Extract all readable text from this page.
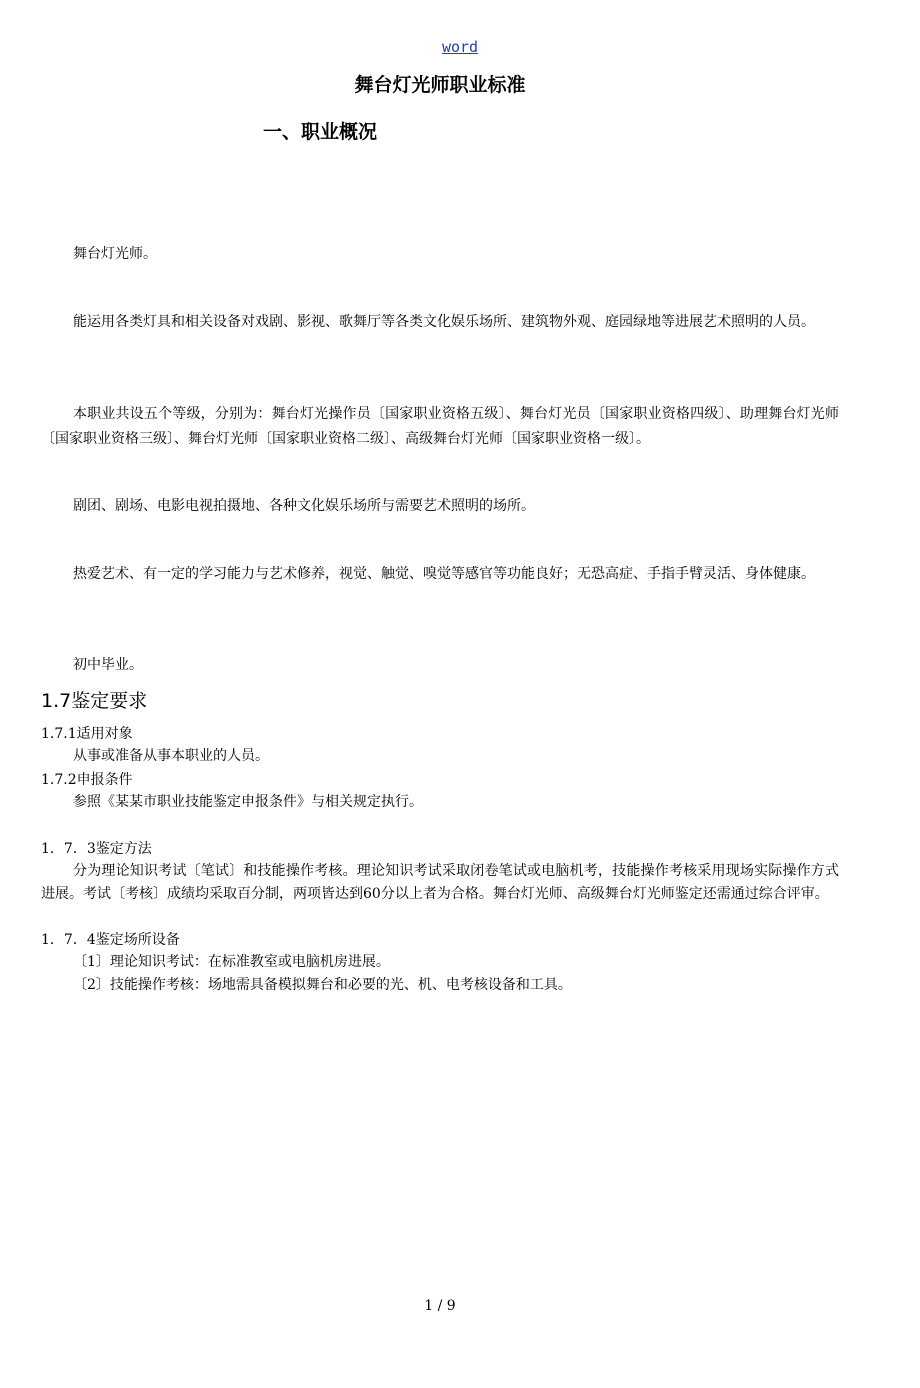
word
舞台灯光师职业标准
一、职业概况
舞台灯光师。
能运用各类灯具和相关设备对戏剧、影视、歌舞厅等各类文化娱乐场所、建筑物外观、庭园绿地等进展艺术照明的人员。
本职业共设五个等级，分别为：舞台灯光操作员〔国家职业资格五级〕、舞台灯光员〔国家职业资格四级〕、助理舞台灯光师〔国家职业资格三级〕、舞台灯光师〔国家职业资格二级〕、高级舞台灯光师〔国家职业资格一级〕。
剧团、剧场、电影电视拍摄地、各种文化娱乐场所与需要艺术照明的场所。
热爱艺术、有一定的学习能力与艺术修养，视觉、触觉、嗅觉等感官等功能良好；无恐高症、手指手臂灵活、身体健康。
初中毕业。
1.7鉴定要求
1.7.1适用对象
从事或准备从事本职业的人员。
1.7.2申报条件
参照《某某市职业技能鉴定申报条件》与相关规定执行。
1．7．3鉴定方法
分为理论知识考试〔笔试〕和技能操作考核。理论知识考试采取闭卷笔试或电脑机考，技能操作考核采用现场实际操作方式进展。考试〔考核〕成绩均采取百分制，两项皆达到60分以上者为合格。舞台灯光师、高级舞台灯光师鉴定还需通过综合评审。
1．7．4鉴定场所设备
〔1〕理论知识考试：在标准教室或电脑机房进展。
〔2〕技能操作考核：场地需具备模拟舞台和必要的光、机、电考核设备和工具。
1 / 9
